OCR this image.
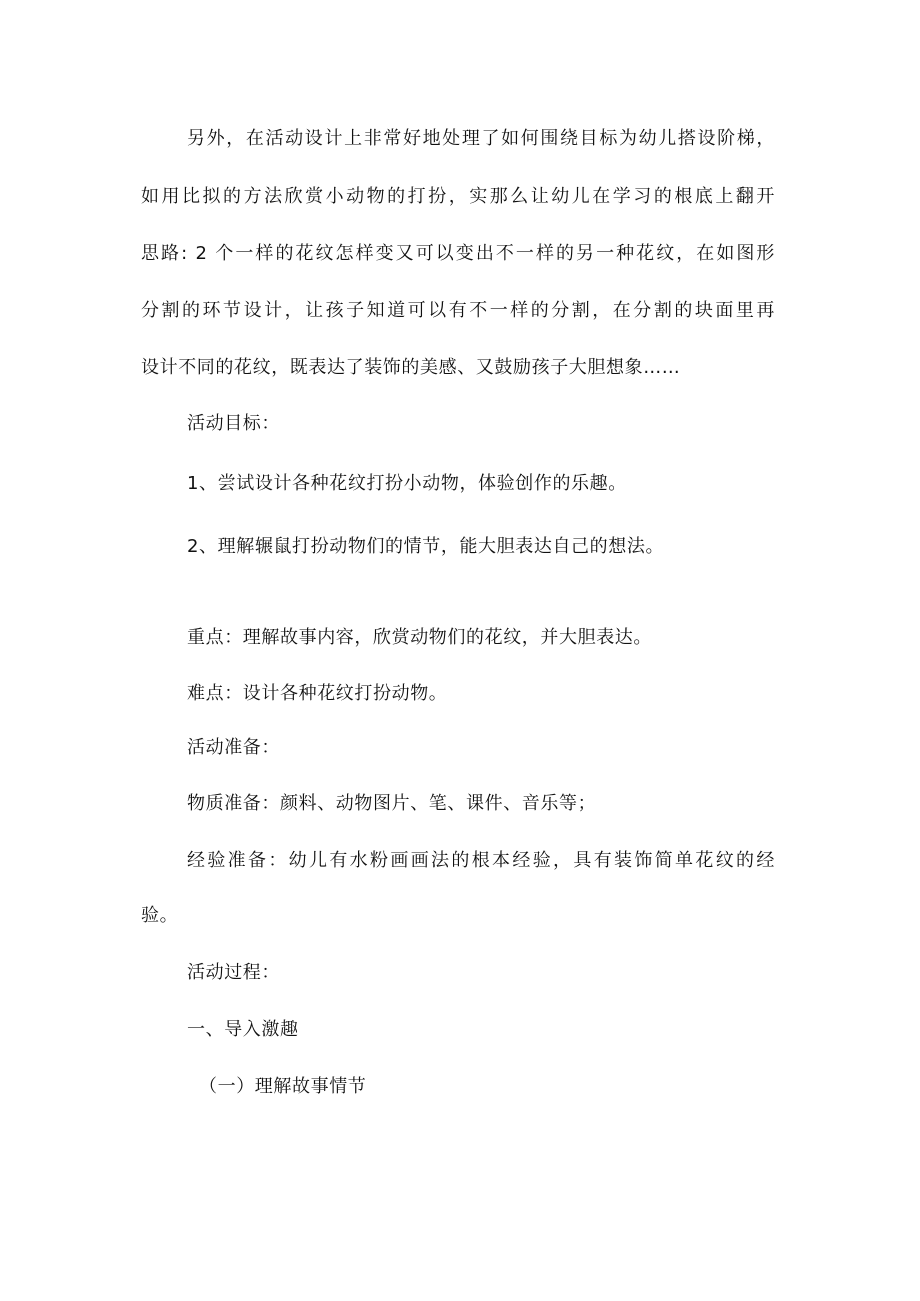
另外，在活动设计上非常好地处理了如何围绕目标为幼儿搭设阶梯，
如用比拟的方法欣赏小动物的打扮，实那么让幼儿在学习的根底上翻开
思路: 2 个一样的花纹怎样变又可以变出不一样的另一种花纹，在如图形
分割的环节设计，让孩子知道可以有不一样的分割，在分割的块面里再
设计不同的花纹，既表达了装饰的美感、又鼓励孩子大胆想象……
活动目标：
1、尝试设计各种花纹打扮小动物，体验创作的乐趣。
2、理解辗鼠打扮动物们的情节，能大胆表达自己的想法。
重点：理解故事内容，欣赏动物们的花纹，并大胆表达。
难点：设计各种花纹打扮动物。
活动准备：
物质准备：颜料、动物图片、笔、课件、音乐等；
经验准备：幼儿有水粉画画法的根本经验，具有装饰简单花纹的经
验。
活动过程：
一、导入激趣
（一）理解故事情节
